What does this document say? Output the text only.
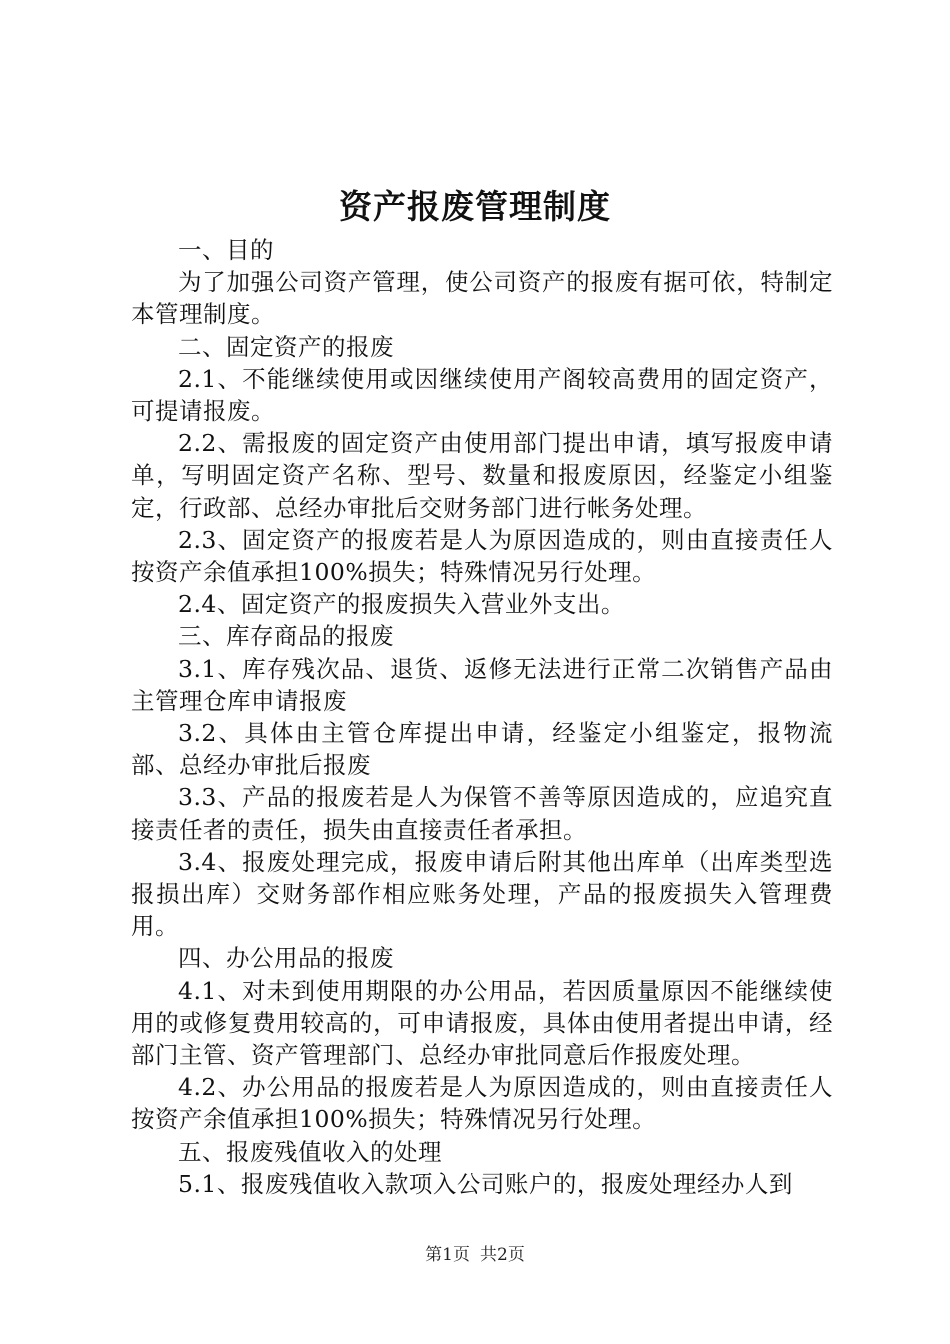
资产报废管理制度

一、目的

为了加强公司资产管理，使公司资产的报废有据可依，特制定本管理制度。

二、固定资产的报废

2.1、不能继续使用或因继续使用产阁较高费用的固定资产，可提请报废。

2.2、需报废的固定资产由使用部门提出申请，填写报废申请单，写明固定资产名称、型号、数量和报废原因，经鉴定小组鉴定，行政部、总经办审批后交财务部门进行帐务处理。

2.3、固定资产的报废若是人为原因造成的，则由直接责任人按资产余值承担100%损失；特殊情况另行处理。

2.4、固定资产的报废损失入营业外支出。

三、库存商品的报废

3.1、库存残次品、退货、返修无法进行正常二次销售产品由主管理仓库申请报废

3.2、具体由主管仓库提出申请，经鉴定小组鉴定，报物流部、总经办审批后报废

3.3、产品的报废若是人为保管不善等原因造成的，应追究直接责任者的责任，损失由直接责任者承担。

3.4、报废处理完成，报废申请后附其他出库单（出库类型选报损出库）交财务部作相应账务处理，产品的报废损失入管理费用。

四、办公用品的报废

4.1、对未到使用期限的办公用品，若因质量原因不能继续使用的或修复费用较高的，可申请报废，具体由使用者提出申请，经部门主管、资产管理部门、总经办审批同意后作报废处理。

4.2、办公用品的报废若是人为原因造成的，则由直接责任人按资产余值承担100%损失；特殊情况另行处理。

五、报废残值收入的处理

5.1、报废残值收入款项入公司账户的，报废处理经办人到

第1页 共2页
